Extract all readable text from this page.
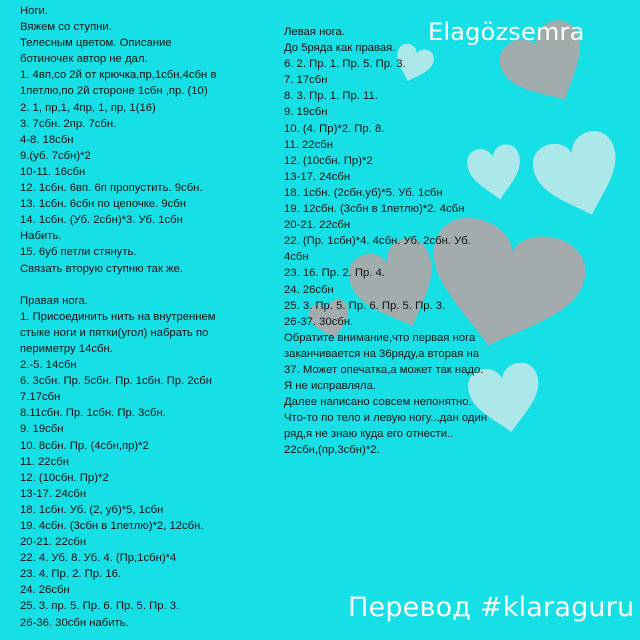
Ноги.
Вяжем со ступни.
Телесным цветом. Описание
ботиночек автор не дал.
1. 4вп,со 2й от крючка,пр,1сбн,4сбн в
1петлю,по 2й стороне 1сбн ,пр. (10)
2. 1, пр,1, 4пр, 1, пр, 1(16)
3. 7сбн. 2пр. 7сбн.
4-8. 18сбн
9.(уб. 7сбн)*2
10-11. 16сбн
12. 1сбн. 6вп. 6п пропустить. 9сбн.
13. 1сбн. 6сбн по цепочке. 9сбн
14. 1сбн. (Уб. 2сбн)*3. Уб. 1сбн
Набить.
15. 6уб петли стянуть.
Связать вторую ступню так же.
Правая нога.
1. Присоединить нить на внутреннем
стыке ноги и пятки(угол) набрать по
периметру 14сбн.
2.-5. 14сбн
6. 3сбн. Пр. 5сбн. Пр. 1сбн. Пр. 2сбн
7.17сбн
8.11сбн. Пр. 1сбн. Пр. 3сбн.
9. 19сбн
10. 8сбн. Пр. (4сбн,пр)*2
11. 22сбн
12. (10сбн. Пр)*2
13-17. 24сбн
18. 1сбн. Уб. (2, уб)*5, 1сбн
19. 4сбн. (3сбн в 1петлю)*2, 12сбн.
20-21. 22сбн
22. 4. Уб. 8. Уб. 4. (Пр,1сбн)*4
23. 4. Пр. 2. Пр. 16.
24. 26сбн
25. 3. пр. 5. Пр. 6. Пр. 5. Пр. 3.
26-36. 30сбн набить.
Левая нога.
До 5ряда как правая.
6. 2. Пр. 1. Пр. 5. Пр. 3.
7. 17сбн
8. 3. Пр. 1. Пр. 11.
9. 19сбн
10. (4. Пр)*2. Пр. 8.
11. 22сбн
12. (10сбн. Пр)*2
13-17. 24сбн
18. 1сбн. (2сбн,уб)*5. Уб. 1сбн
19. 12сбн. (3сбн в 1петлю)*2. 4сбн
20-21. 22сбн
22. (Пр. 1сбн)*4. 4сбн. Уб. 2сбн. Уб.
4сбн
23. 16. Пр. 2. Пр. 4.
24. 26сбн
25. 3. Пр. 5. Пр. 6. Пр. 5. Пр. 3.
26-37. 30сбн.
Обратите внимание,что первая нога
заканчивается на 36ряду,а вторая на
37. Может опечатка,а может так надо.
Я не исправляла.
Далее написано совсем непонятно.
Что-то по тело и левую ногу...дан один
ряд,я не знаю куда его отнести..
22сбн,(пр,3сбн)*2.
Elagözsemra
Перевод #klaraguru
